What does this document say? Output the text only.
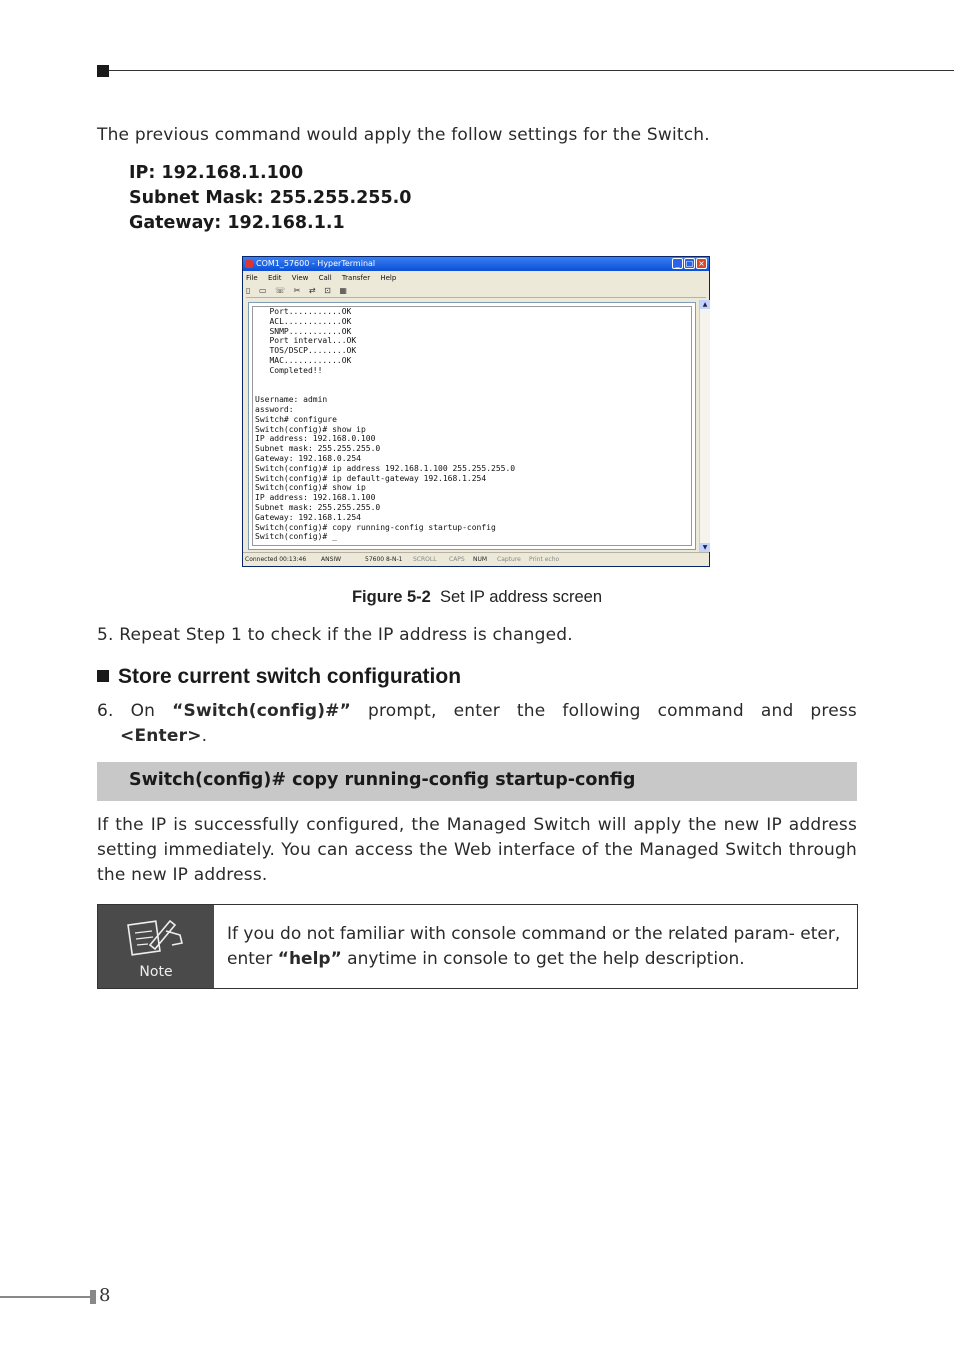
The previous command would apply the follow settings for the Switch.
IP: 192.168.1.100
Subnet Mask: 255.255.255.0
Gateway: 192.168.1.1
COM1_57600 - HyperTerminal	_ □ ×
File Edit View Call Transfer Help
▯ ▭ ☏ ✂ ⇄ ⊡ ▦
Port...........OK
ACL............OK
SNMP...........OK
Port interval...OK
TOS/DSCP........OK
MAC............OK
Completed!!

Username: admin
assword:
Switch# configure
Switch(config)# show ip
IP address: 192.168.0.100
Subnet mask: 255.255.255.0
Gateway: 192.168.0.254
Switch(config)# ip address 192.168.1.100 255.255.255.0
Switch(config)# ip default-gateway 192.168.1.254
Switch(config)# show ip
IP address: 192.168.1.100
Subnet mask: 255.255.255.0
Gateway: 192.168.1.254
Switch(config)# copy running-config startup-config
Switch(config)# _
▲
▼
Connected 00:13:46 ANSIW	57600 8-N-1 SCROLL CAPS NUM Capture Print echo
Figure 5-2 Set IP address screen
5. Repeat Step 1 to check if the IP address is changed.
Store current switch configuration
6. On “Switch(config)#” prompt, enter the following command and press
<Enter>.
Switch(config)# copy running-config startup-config
If the IP is successfully configured, the Managed Switch will apply the new IP address setting immediately. You can access the Web interface of the Managed Switch through the new IP address.
Note
If you do not familiar with console command or the related param- eter, enter “help” anytime in console to get the help description.
8
